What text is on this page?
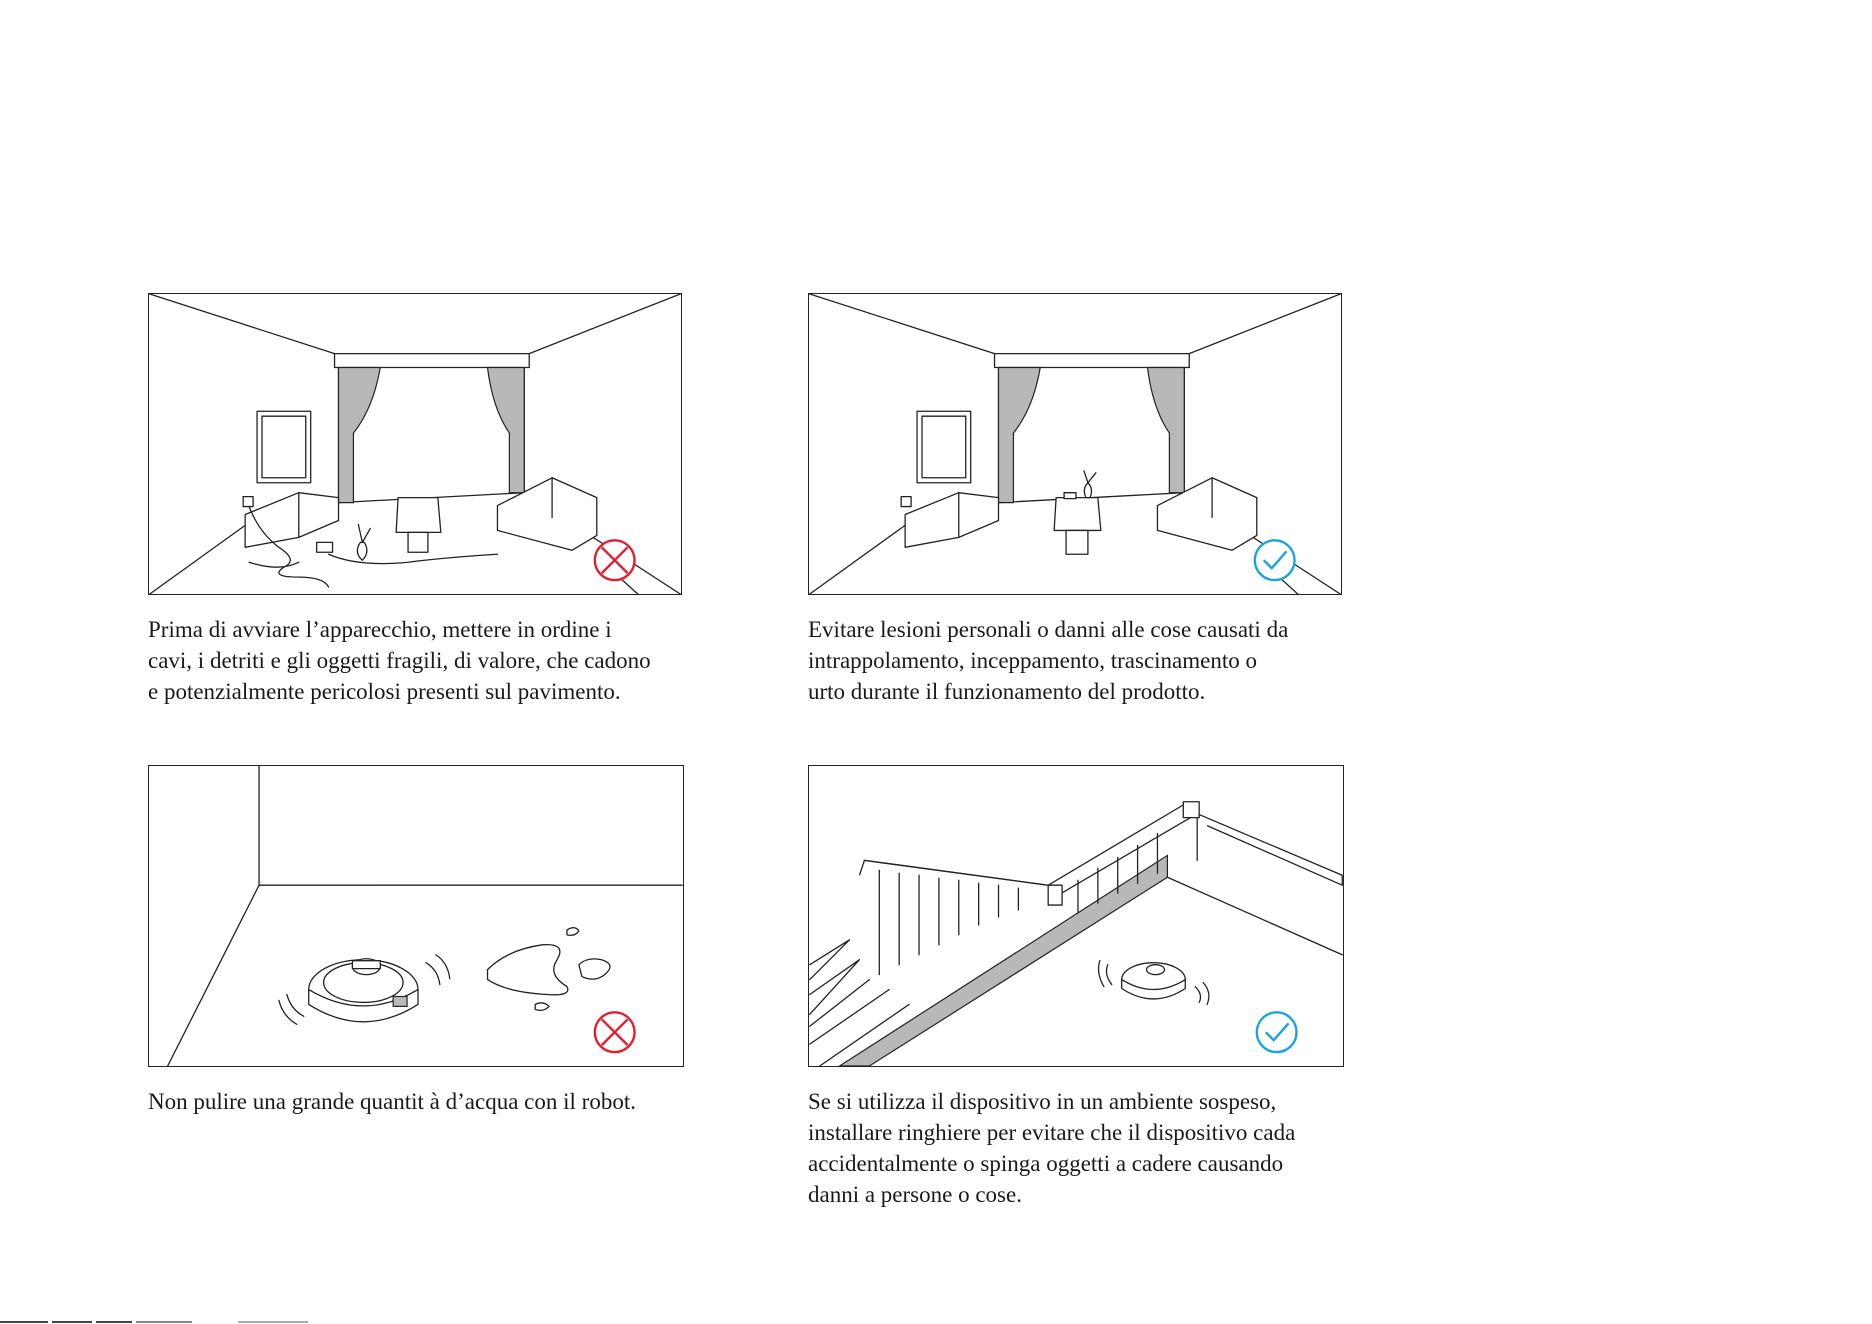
Prima di avviare l’apparecchio, mettere in ordine i
cavi, i detriti e gli oggetti fragili, di valore, che cadono
e potenzialmente pericolosi presenti sul pavimento.
Evitare lesioni personali o danni alle cose causati da
intrappolamento, inceppamento, trascinamento o
urto durante il funzionamento del prodotto.
Non pulire una grande quantit à d’acqua con il robot.	Se si utilizza il dispositivo in un ambiente sospeso,
installare ringhiere per evitare che il dispositivo cada
accidentalmente o spinga oggetti a cadere causando
danni a persone o cose.
